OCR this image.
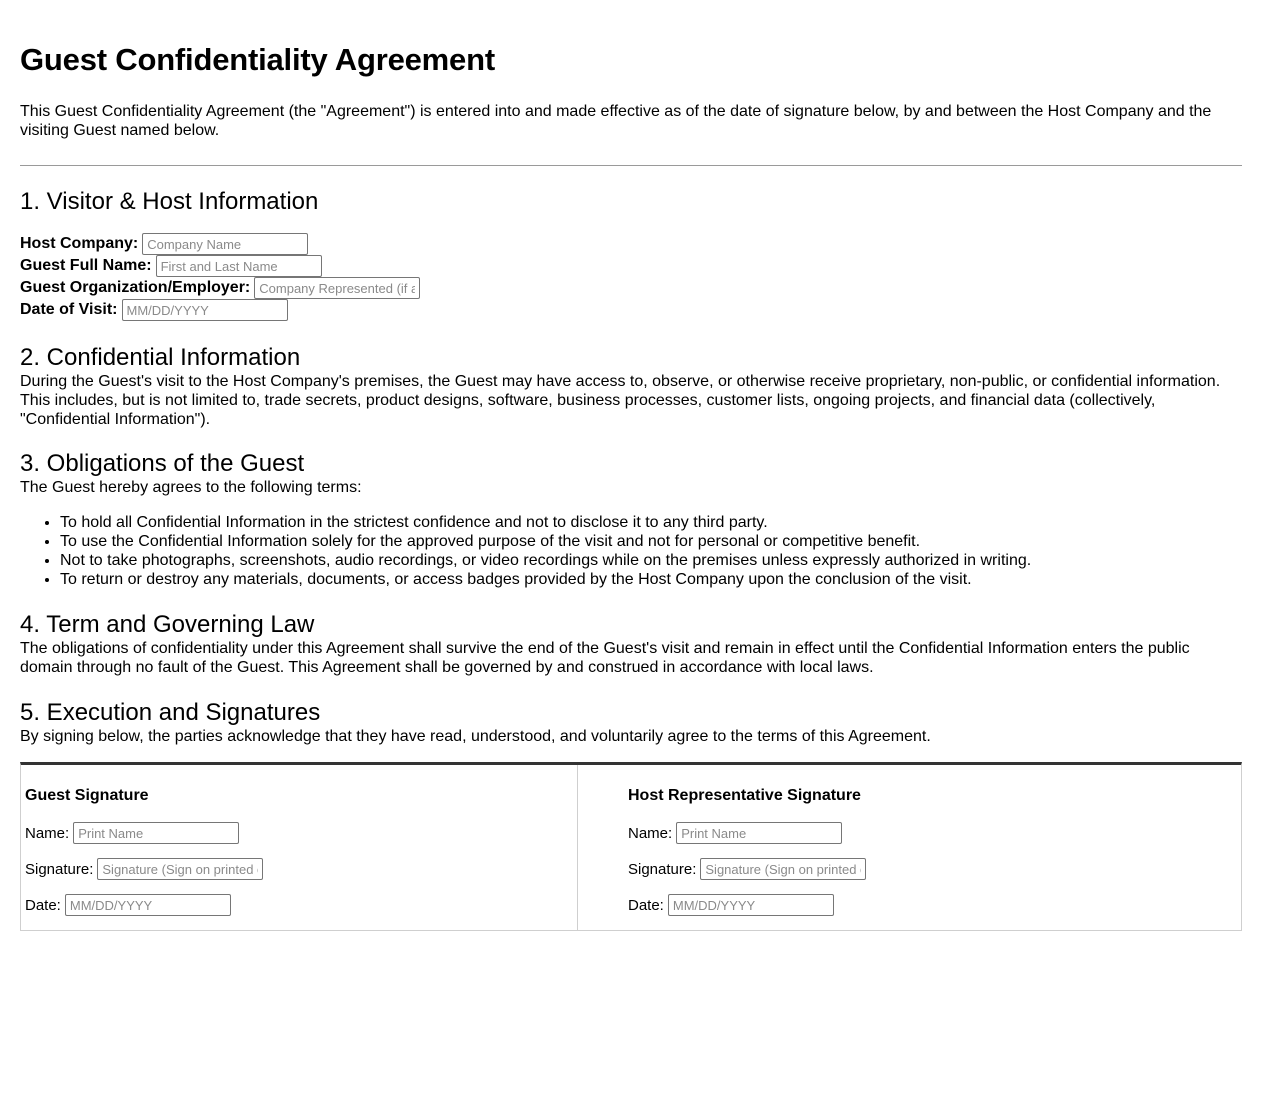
Guest Confidentiality Agreement

This Guest Confidentiality Agreement (the "Agreement") is entered into and made effective as of the date of signature below, by and between the Host Company and the visiting Guest named below.

1. Visitor & Host Information
Host Company:
Company Name
Guest Full Name:
First and Last Name
Guest Organization/Employer:
Company Represented (if any)
Date of Visit:
MM/DD/YYYY
2. Confidential Information

During the Guest's visit to the Host Company's premises, the Guest may have access to, observe, or otherwise receive proprietary, non-public, or confidential information. This includes, but is not limited to, trade secrets, product designs, software, business processes, customer lists, ongoing projects, and financial data (collectively, "Confidential Information").

3. Obligations of the Guest

The Guest hereby agrees to the following terms:

• To hold all Confidential Information in the strictest confidence and not to disclose it to any third party.
• To use the Confidential Information solely for the approved purpose of the visit and not for personal or competitive benefit.
• Not to take photographs, screenshots, audio recordings, or video recordings while on the premises unless expressly authorized in writing.
• To return or destroy any materials, documents, or access badges provided by the Host Company upon the conclusion of the visit.
4. Term and Governing Law

The obligations of confidentiality under this Agreement shall survive the end of the Guest's visit and remain in effect until the Confidential Information enters the public domain through no fault of the Guest. This Agreement shall be governed by and construed in accordance with local laws.

5. Execution and Signatures

By signing below, the parties acknowledge that they have read, understood, and voluntarily agree to the terms of this Agreement.

Guest Signature

Name:
Print Name
Signature:
Signature (Sign on printed copy)
Date:
MM/DD/YYYY

Host Representative Signature

Name:
Print Name
Signature:
Signature (Sign on printed copy)
Date:
MM/DD/YYYY
